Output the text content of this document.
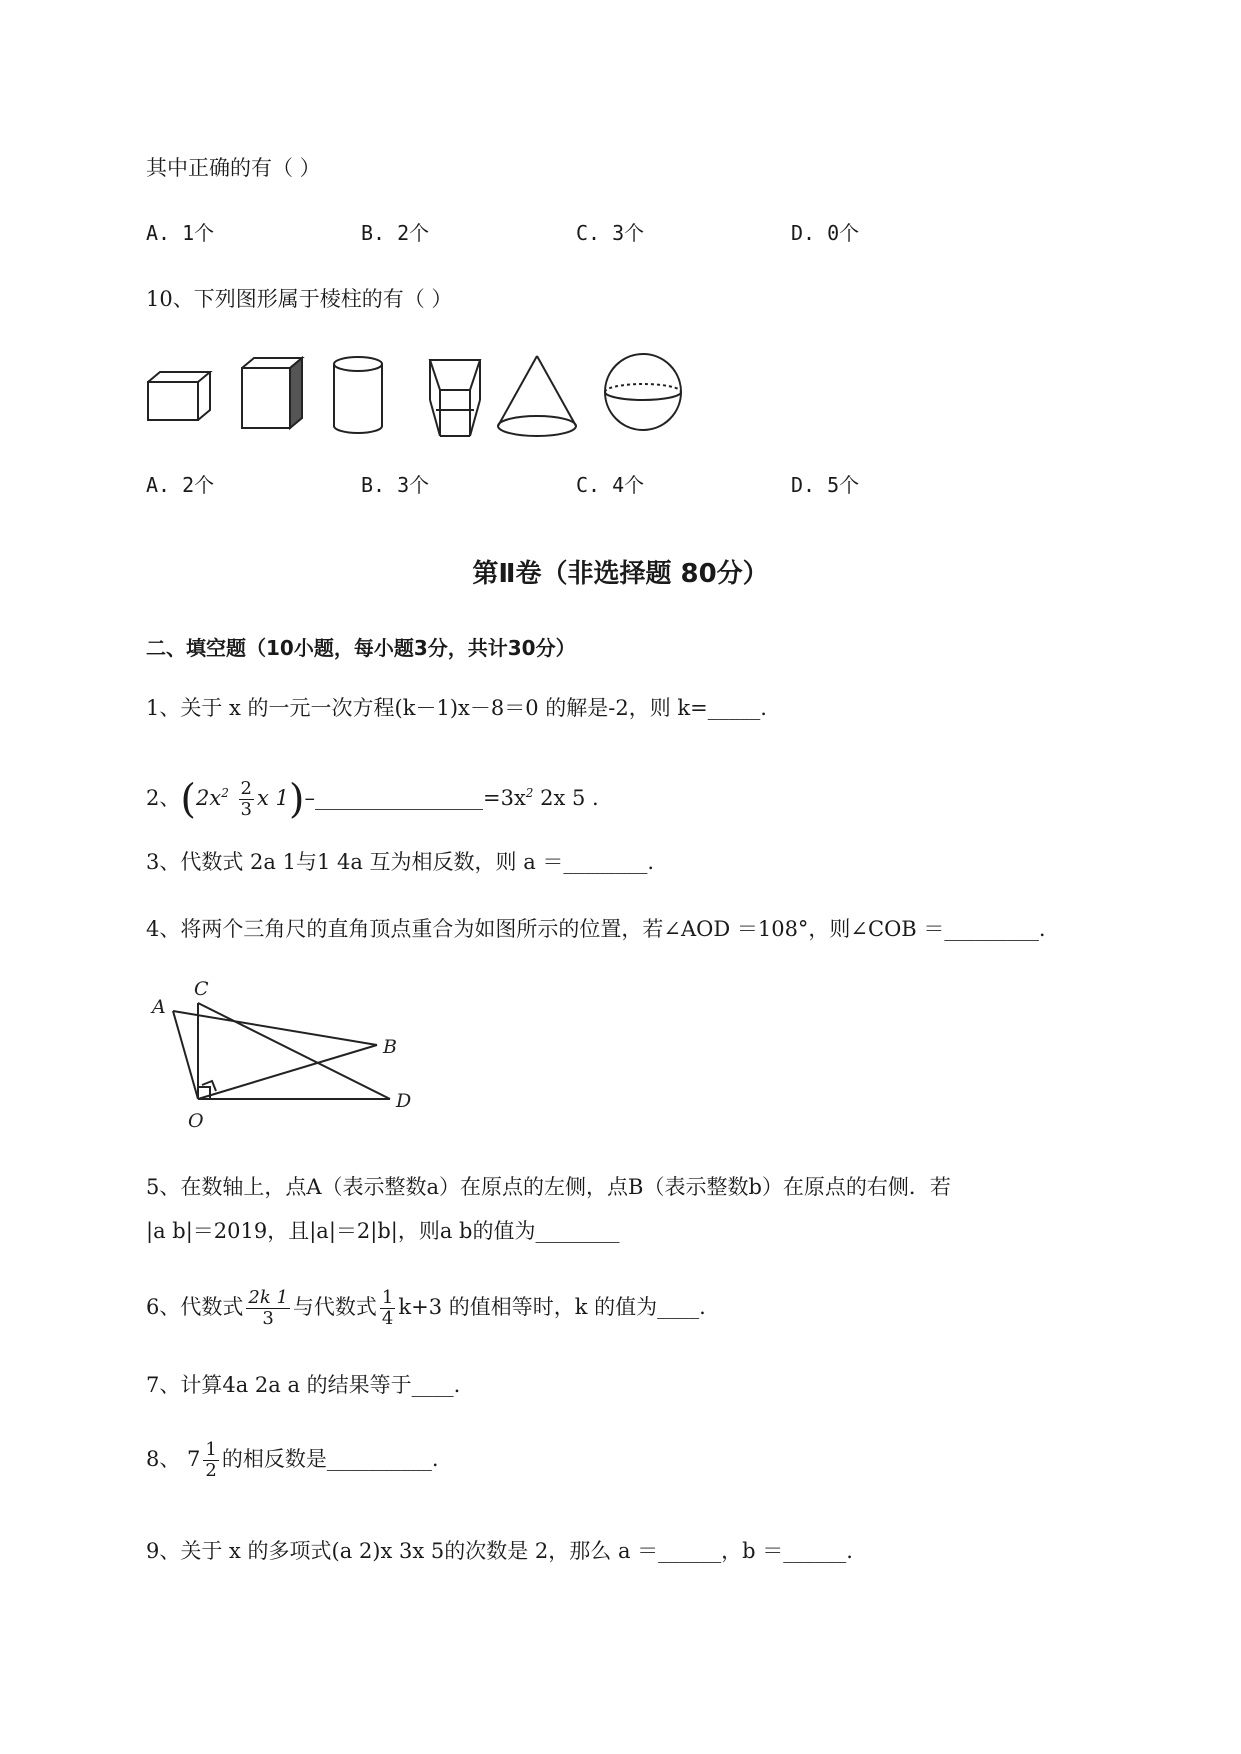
其中正确的有（ ）
A. 1个	B. 2个	C. 3个	D. 0个
10、下列图形属于棱柱的有（ ）
A. 2个	B. 3个	C. 4个	D. 5个
第Ⅱ卷（非选择题 80分）
二、填空题（10小题，每小题3分，共计30分）
1、关于 x 的一元一次方程(k－1)x－8＝0 的解是-2，则 k=_____.
2、($2x^2 \frac{2}{3}$ x $1)-\_\_\_\_\_\_\_\_\_\_\_\_\_\_\_\_=3x^2$ 2x 5 .
3、代数式 2a 1与1 4a 互为相反数，则 a ＝________.
4、将两个三角尺的直角顶点重合为如图所示的位置，若∠AOD ＝108°，则∠COB ＝_________.
A
C
B
D
O
5、在数轴上，点A（表示整数a）在原点的左侧，点B（表示整数b）在原点的右侧．若
|a b|＝2019，且|a|＝2|b|，则a b的值为________
6、代数式 $\frac{2k 1}{3}$ 与代数式 $\frac{1}{4} k+3$ 的值相等时，k 的值为____.
7、计算4a 2a a 的结果等于____.
8、 $7 \frac{1}{2}$ 的相反数是__________.
9、关于 x 的多项式(a 2)x 3x 5的次数是 2，那么 a ＝______，b ＝______.
